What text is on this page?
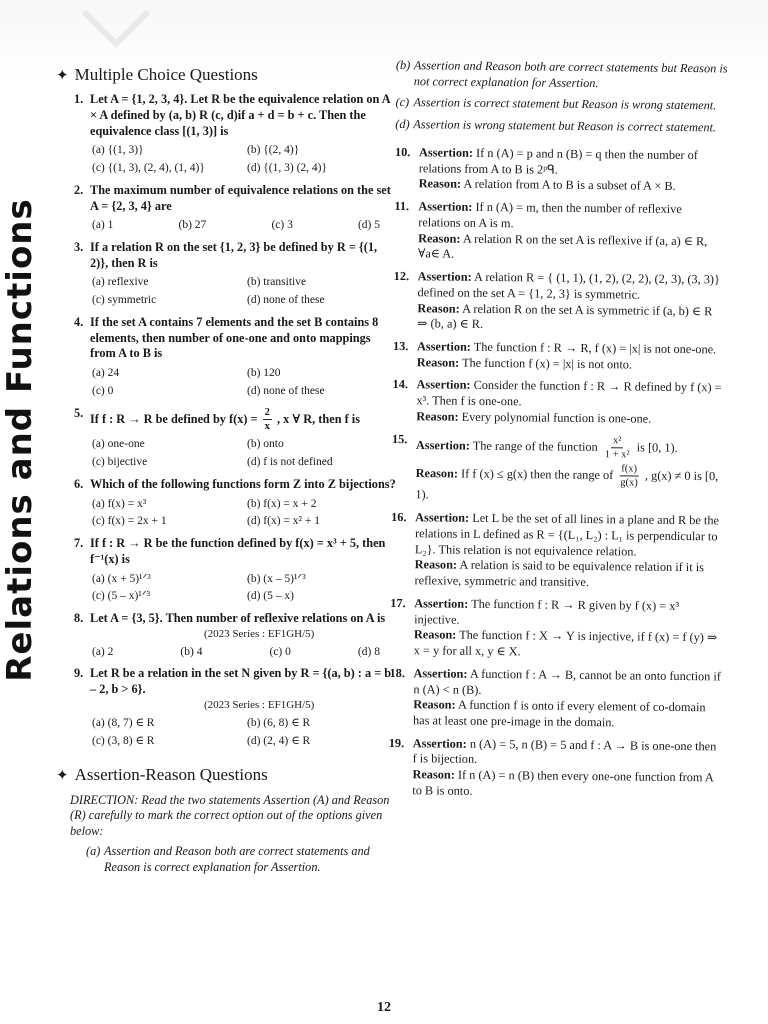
Relations and Functions
✦ Multiple Choice Questions
1. Let A = {1, 2, 3, 4}. Let R be the equivalence relation on A × A defined by (a, b) R (c, d)if a + d = b + c. Then the equivalence class [(1, 3)] is
(a) {(1, 3)}	(b) {(2, 4)}
(c) {(1, 3), (2, 4), (1, 4)}	(d) {(1, 3) (2, 4)}
2. The maximum number of equivalence relations on the set A = {2, 3, 4} are
(a) 1	(b) 27	(c) 3	(d) 5
3. If a relation R on the set {1, 2, 3} be defined by R = {(1, 2)}, then R is
(a) reflexive	(b) transitive
(c) symmetric	(d) none of these
4. If the set A contains 7 elements and the set B contains 8 elements, then number of one-one and onto mappings from A to B is
(a) 24	(b) 120
(c) 0	(d) none of these
5. If f : R → R be defined by $f(x) = \frac{2}{x}$ , x ∀ R, then f is
(a) one-one	(b) onto
(c) bijective	(d) f is not defined
6. Which of the following functions form Z into Z bijections?
(a) f(x) = x³	(b) f(x) = x + 2
(c) f(x) = 2x + 1	(d) f(x) = x² + 1
7. If f : R → R be the function defined by f(x) = x³ + 5, then f⁻¹(x) is
(a) (x + 5)¹ᐟ³	(b) (x – 5)¹ᐟ³
(c) (5 – x)¹ᐟ³	(d) (5 – x)
8. Let A = {3, 5}. Then number of reflexive relations on A is
(2023 Series : EF1GH/5)
(a) 2	(b) 4	(c) 0	(d) 8
9. Let R be a relation in the set N given by R = {(a, b) : a = b – 2, b > 6}.
(2023 Series : EF1GH/5)
(a) (8, 7) ∈ R	(b) (6, 8) ∈ R
(c) (3, 8) ∈ R	(d) (2, 4) ∈ R
✦ Assertion-Reason Questions
DIRECTION: Read the two statements Assertion (A) and Reason (R) carefully to mark the correct option out of the options given below:
(a) Assertion and Reason both are correct statements and Reason is correct explanation for Assertion.
(b) Assertion and Reason both are correct statements but Reason is not correct explanation for Assertion.
(c) Assertion is correct statement but Reason is wrong statement.
(d) Assertion is wrong statement but Reason is correct statement.
10. Assertion: If n (A) = p and n (B) = q then the number of relations from A to B is 2ᵖᑫ.
Reason: A relation from A to B is a subset of A × B.
11. Assertion: If n (A) = m, then the number of reflexive relations on A is m.
Reason: A relation R on the set A is reflexive if (a, a) ∈ R, ∀a∈ A.
12. Assertion: A relation R = { (1, 1), (1, 2), (2, 2), (2, 3), (3, 3)} defined on the set A = {1, 2, 3} is symmetric.
Reason: A relation R on the set A is symmetric if (a, b) ∈ R ⇒ (b, a) ∈ R.
13. Assertion: The function f : R → R, f (x) = |x| is not one-one.
Reason: The function f (x) = |x| is not onto.
14. Assertion: Consider the function f : R → R defined by f (x) = x³. Then f is one-one.
Reason: Every polynomial function is one-one.
15. Assertion: The range of the function $\frac{\text{x²}}{\text{1 + x²}}$ is [0, 1).
Reason: If f (x) ≤ g(x) then the range of $\frac{f(x)}{g(x)}$ , g(x) ≠ 0 is [0, 1).
16. Assertion: Let L be the set of all lines in a plane and R be the relations in L defined as R = {(L₁, L₂) : L₁ is perpendicular to L₂}. This relation is not equivalence relation.
Reason: A relation is said to be equivalence relation if it is reflexive, symmetric and transitive.
17. Assertion: The function f : R → R given by f (x) = x³ injective.
Reason: The function f : X → Y is injective, if f (x) = f (y) ⇒ x = y for all x, y ∈ X.
18. Assertion: A function f : A → B, cannot be an onto function if n (A) < n (B).
Reason: A function f is onto if every element of co-domain has at least one pre-image in the domain.
19. Assertion: n (A) = 5, n (B) = 5 and f : A → B is one-one then f is bijection.
Reason: If n (A) = n (B) then every one-one function from A to B is onto.
12
